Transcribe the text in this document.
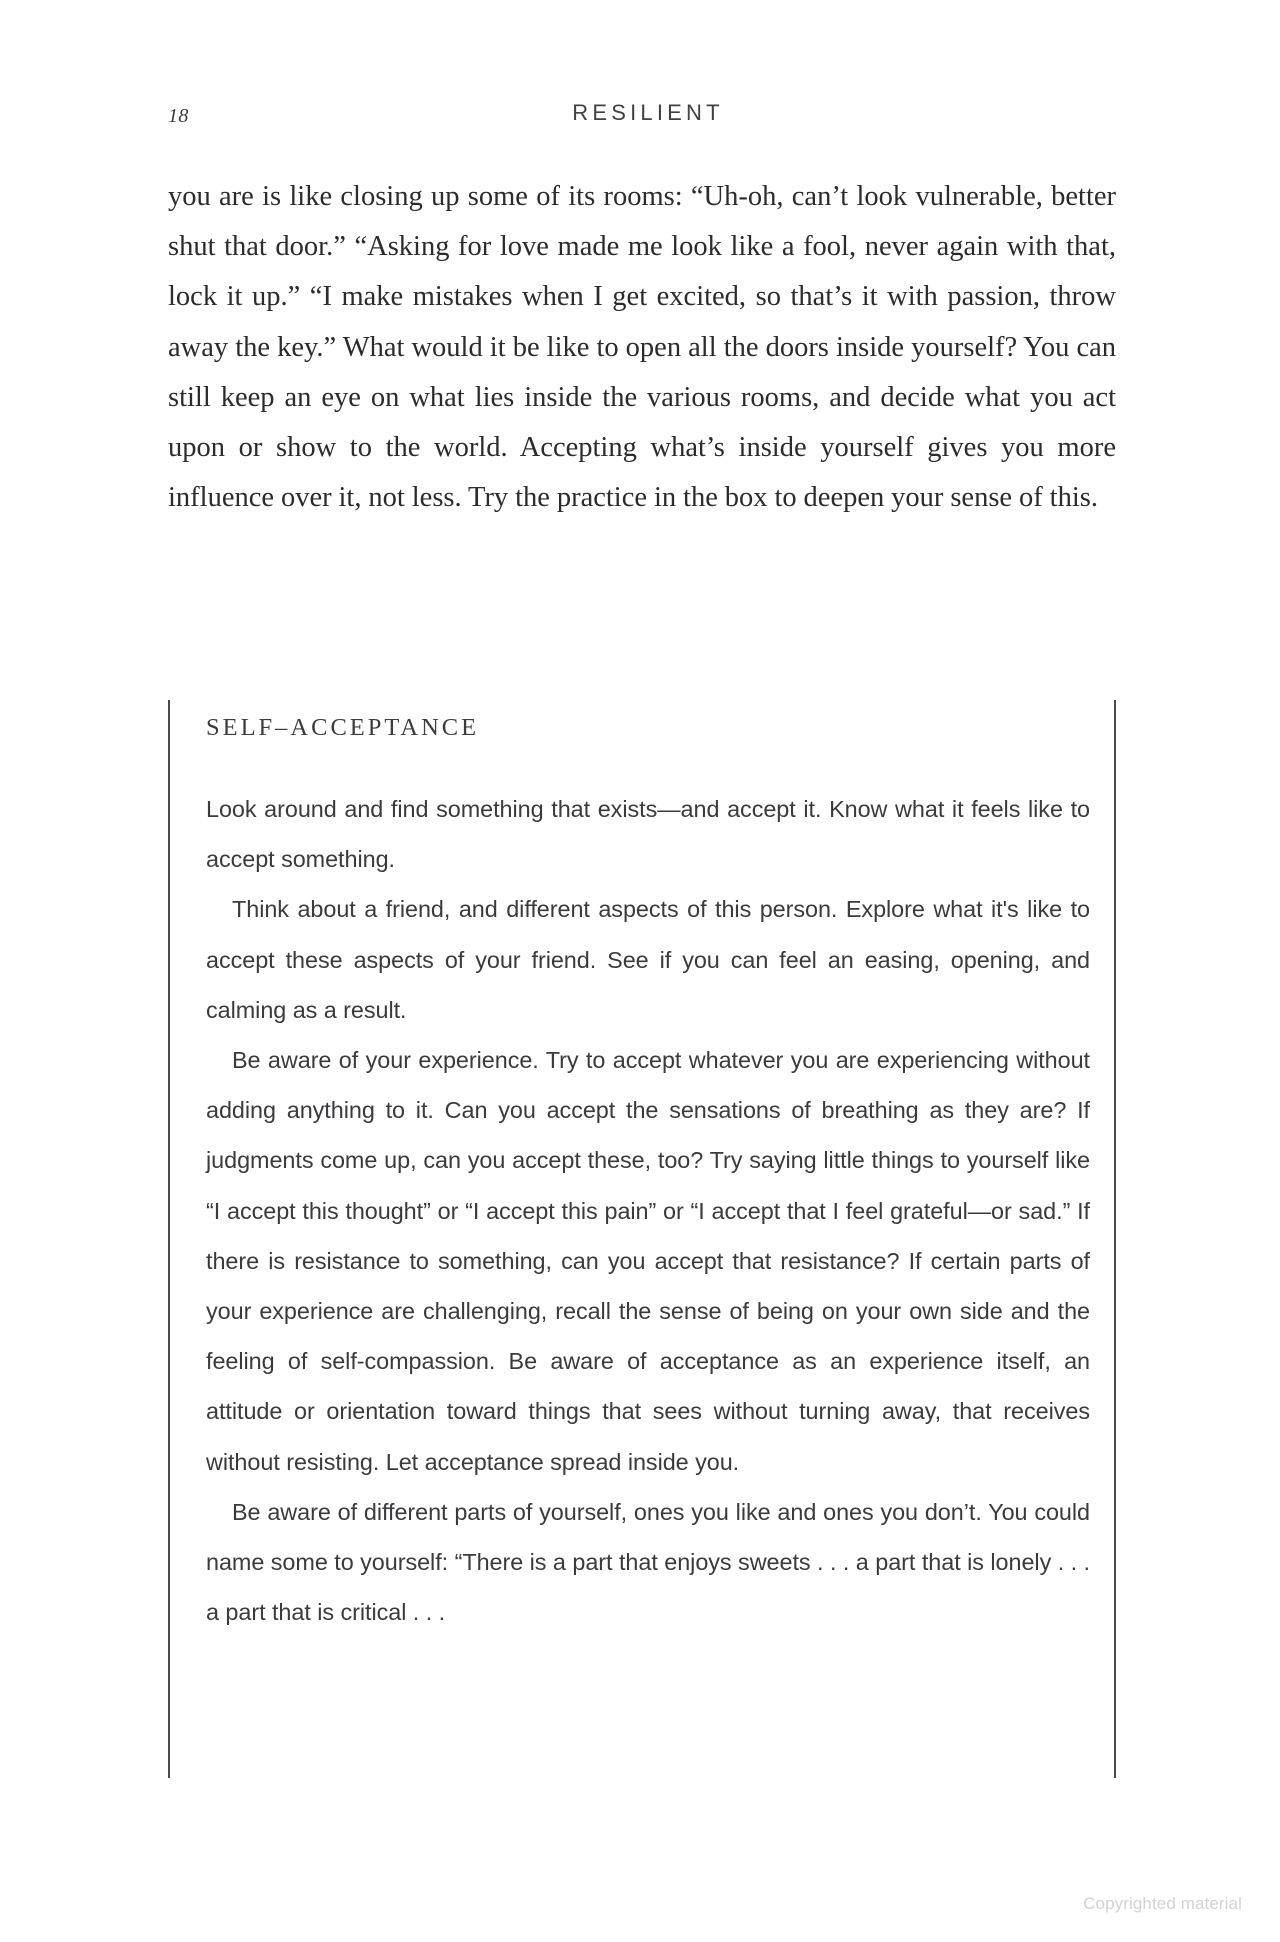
18	RESILIENT

you are is like closing up some of its rooms: “Uh-oh, can’t look vulnerable, better shut that door.” “Asking for love made me look like a fool, never again with that, lock it up.” “I make mistakes when I get excited, so that’s it with passion, throw away the key.” What would it be like to open all the doors inside yourself? You can still keep an eye on what lies inside the various rooms, and decide what you act upon or show to the world. Accepting what’s inside yourself gives you more influence over it, not less. Try the practice in the box to deepen your sense of this.

SELF–ACCEPTANCE

Look around and find something that exists—and accept it. Know what it feels like to accept something.

Think about a friend, and different aspects of this person. Explore what it's like to accept these aspects of your friend. See if you can feel an easing, opening, and calming as a result.

Be aware of your experience. Try to accept whatever you are experiencing without adding anything to it. Can you accept the sensations of breathing as they are? If judgments come up, can you accept these, too? Try saying little things to yourself like “I accept this thought” or “I accept this pain” or “I accept that I feel grateful—or sad.” If there is resistance to something, can you accept that resistance? If certain parts of your experience are challenging, recall the sense of being on your own side and the feeling of self-compassion. Be aware of acceptance as an experience itself, an attitude or orientation toward things that sees without turning away, that receives without resisting. Let acceptance spread inside you.

Be aware of different parts of yourself, ones you like and ones you don’t. You could name some to yourself: “There is a part that enjoys sweets . . . a part that is lonely . . . a part that is critical . . .

Copyrighted material
